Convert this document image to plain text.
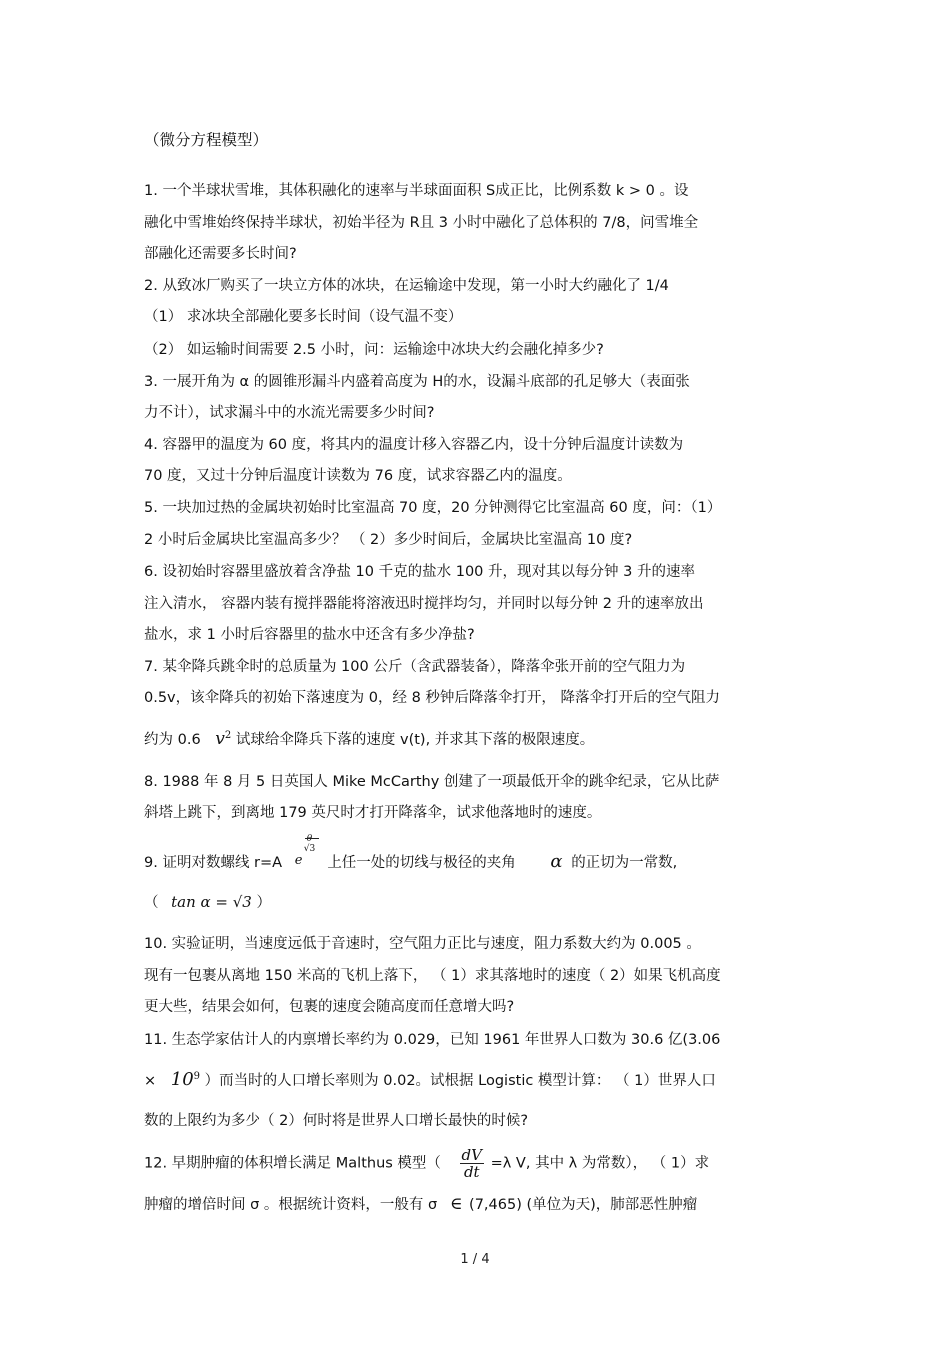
（微分方程模型）
1. 一个半球状雪堆，其体积融化的速率与半球面面积 S成正比，比例系数 k > 0 。设
融化中雪堆始终保持半球状，初始半径为 R且 3 小时中融化了总体积的 7/8，问雪堆全
部融化还需要多长时间?
2. 从致冰厂购买了一块立方体的冰块，在运输途中发现，第一小时大约融化了 1/4
（1） 求冰块全部融化要多长时间（设气温不变）
（2） 如运输时间需要 2.5 小时，问：运输途中冰块大约会融化掉多少?
3. 一展开角为 α 的圆锥形漏斗内盛着高度为 H的水，设漏斗底部的孔足够大（表面张
力不计），试求漏斗中的水流光需要多少时间?
4. 容器甲的温度为 60 度，将其内的温度计移入容器乙内，设十分钟后温度计读数为
70 度，又过十分钟后温度计读数为 76 度，试求容器乙内的温度。
5. 一块加过热的金属块初始时比室温高 70 度，20 分钟测得它比室温高 60 度，问：（1）
2 小时后金属块比室温高多少？ （ 2）多少时间后，金属块比室温高 10 度?
6. 设初始时容器里盛放着含净盐 10 千克的盐水 100 升，现对其以每分钟 3 升的速率
注入清水， 容器内装有搅拌器能将溶液迅时搅拌均匀，并同时以每分钟 2 升的速率放出
盐水，求 1 小时后容器里的盐水中还含有多少净盐?
7. 某伞降兵跳伞时的总质量为 100 公斤（含武器装备），降落伞张开前的空气阻力为
0.5v，该伞降兵的初始下落速度为 0，经 8 秒钟后降落伞打开， 降落伞打开后的空气阻力
约为 0.6 $v^2$ 试球给伞降兵下落的速度 v(t), 并求其下落的极限速度。
8. 1988 年 8 月 5 日英国人 Mike McCarthy 创建了一项最低开伞的跳伞纪录，它从比萨
斜塔上跳下，到离地 179 英尺时才打开降落伞，试求他落地时的速度。
9. 证明对数螺线 r=A e
θ
√3
上任一处的切线与极径的夹角 α 的正切为一常数,
（ tan α = √3 ）
10. 实验证明，当速度远低于音速时，空气阻力正比与速度，阻力系数大约为 0.005 。
现有一包裹从离地 150 米高的飞机上落下， （ 1）求其落地时的速度（ 2）如果飞机高度
更大些，结果会如何，包裹的速度会随高度而任意增大吗?
11. 生态学家估计人的内禀增长率约为 0.029，已知 1961 年世界人口数为 30.6 亿(3.06
× $10^9$ ）而当时的人口增长率则为 0.02。试根据 Logistic 模型计算： （ 1）世界人口
数的上限约为多少（ 2）何时将是世界人口增长最快的时候?
12. 早期肿瘤的体积增长满足 Malthus 模型（ $\frac{dV}{dt} =\lambda$ V, 其中 λ 为常数）， （ 1）求
肿瘤的增倍时间 σ 。根据统计资料，一般有 σ ∈ (7,465) (单位为天)，肺部恶性肿瘤
1 / 4
